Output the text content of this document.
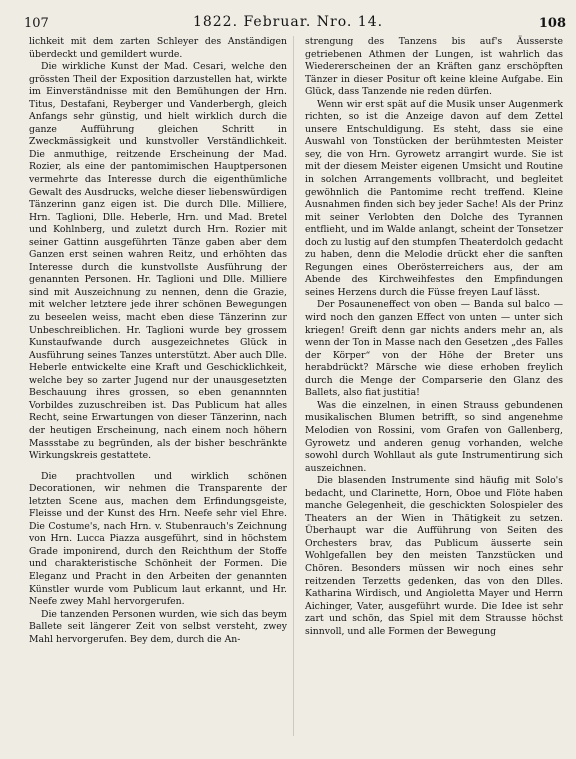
107	1822. Februar. Nro. 14.	108

lichkeit mit dem zarten Schleyer des Anständigen überdeckt und gemildert wurde.

Die wirkliche Kunst der Mad. Cesari, welche den grössten Theil der Exposition darzustellen hat, wirkte im Einverständnisse mit den Bemühungen der Hrn. Titus, Destafani, Reyberger und Vanderbergh, gleich Anfangs sehr günstig, und hielt wirklich durch die ganze Aufführung gleichen Schritt in Zweckmässigkeit und kunstvoller Verständlichkeit. Die anmuthige, reitzende Erscheinung der Mad. Rozier, als eine der pantomimischen Hauptpersonen vermehrte das Interesse durch die eigenthümliche Gewalt des Ausdrucks, welche dieser liebenswürdigen Tänzerinn ganz eigen ist. Die durch Dlle. Milliere, Hrn. Taglioni, Dlle. Heberle, Hrn. und Mad. Bretel und Kohlnberg, und zuletzt durch Hrn. Rozier mit seiner Gattinn ausgeführten Tänze gaben aber dem Ganzen erst seinen wahren Reitz, und erhöhten das Interesse durch die kunstvollste Ausführung der genannten Personen. Hr. Taglioni und Dlle. Milliere sind mit Auszeichnung zu nennen, denn die Grazie, mit welcher letztere jede ihrer schönen Bewegungen zu beseelen weiss, macht eben diese Tänzerinn zur Unbeschreiblichen. Hr. Taglioni wurde bey grossem Kunstaufwande durch ausgezeichnetes Glück in Ausführung seines Tanzes unterstützt. Aber auch Dlle. Heberle entwickelte eine Kraft und Geschicklichkeit, welche bey so zarter Jugend nur der unausgesetzten Beschauung ihres grossen, so eben genannnten Vorbildes zuzuschreiben ist. Das Publicum hat alles Recht, seine Erwartungen von dieser Tänzerinn, nach der heutigen Erscheinung, nach einem noch höhern Massstabe zu begründen, als der bisher beschränkte Wirkungskreis gestattete.

Die prachtvollen und wirklich schönen Decorationen, wir nehmen die Transparente der letzten Scene aus, machen dem Erfindungsgeiste, Fleisse und der Kunst des Hrn. Neefe sehr viel Ehre. Die Costume's, nach Hrn. v. Stubenrauch's Zeichnung von Hrn. Lucca Piazza ausgeführt, sind in höchstem Grade imponirend, durch den Reichthum der Stoffe und charakteristische Schönheit der Formen. Die Eleganz und Pracht in den Arbeiten der genannten Künstler wurde vom Publicum laut erkannt, und Hr. Neefe zwey Mahl hervorgerufen.

Die tanzenden Personen wurden, wie sich das beym Ballete seit längerer Zeit von selbst versteht, zwey Mahl hervorgerufen. Bey dem, durch die An-

strengung des Tanzens bis auf's Äusserste getriebenen Athmen der Lungen, ist wahrlich das Wiedererscheinen der an Kräften ganz erschöpften Tänzer in dieser Positur oft keine kleine Aufgabe. Ein Glück, dass Tanzende nie reden dürfen.

Wenn wir erst spät auf die Musik unser Augenmerk richten, so ist die Anzeige davon auf dem Zettel unsere Entschuldigung. Es steht, dass sie eine Auswahl von Tonstücken der berühmtesten Meister sey, die von Hrn. Gyrowetz arrangirt wurde. Sie ist mit der diesem Meister eigenen Umsicht und Routine in solchen Arrangements vollbracht, und begleitet gewöhnlich die Pantomime recht treffend. Kleine Ausnahmen finden sich bey jeder Sache! Als der Prinz mit seiner Verlobten den Dolche des Tyrannen entflieht, und im Walde anlangt, scheint der Tonsetzer doch zu lustig auf den stumpfen Theaterdolch gedacht zu haben, denn die Melodie drückt eher die sanften Regungen eines Oberösterreichers aus, der am Abende des Kirchweihfestes den Empfindungen seines Herzens durch die Füsse freyen Lauf lässt.

Der Posauneneffect von oben — Banda sul balco — wird noch den ganzen Effect von unten — unter sich kriegen! Greift denn gar nichts anders mehr an, als wenn der Ton in Masse nach den Gesetzen „des Falles der Körper“ von der Höhe der Breter uns herabdrückt? Märsche wie diese erhoben freylich durch die Menge der Comparserie den Glanz des Ballets, also fiat justitia!

Was die einzelnen, in einen Strauss gebundenen musikalischen Blumen betrifft, so sind angenehme Melodien von Rossini, vom Grafen von Gallenberg, Gyrowetz und anderen genug vorhanden, welche sowohl durch Wohllaut als gute Instrumentirung sich auszeichnen.

Die blasenden Instrumente sind häufig mit Solo's bedacht, und Clarinette, Horn, Oboe und Flöte haben manche Gelegenheit, die geschickten Solospieler des Theaters an der Wien in Thätigkeit zu setzen. Überhaupt war die Aufführung von Seiten des Orchesters brav, das Publicum äusserte sein Wohlgefallen bey den meisten Tanzstücken und Chören. Besonders müssen wir noch eines sehr reitzenden Terzetts gedenken, das von den Dlles. Katharina Wirdisch, und Angioletta Mayer und Herrn Aichinger, Vater, ausgeführt wurde. Die Idee ist sehr zart und schön, das Spiel mit dem Strausse höchst sinnvoll, und alle Formen der Bewegung
